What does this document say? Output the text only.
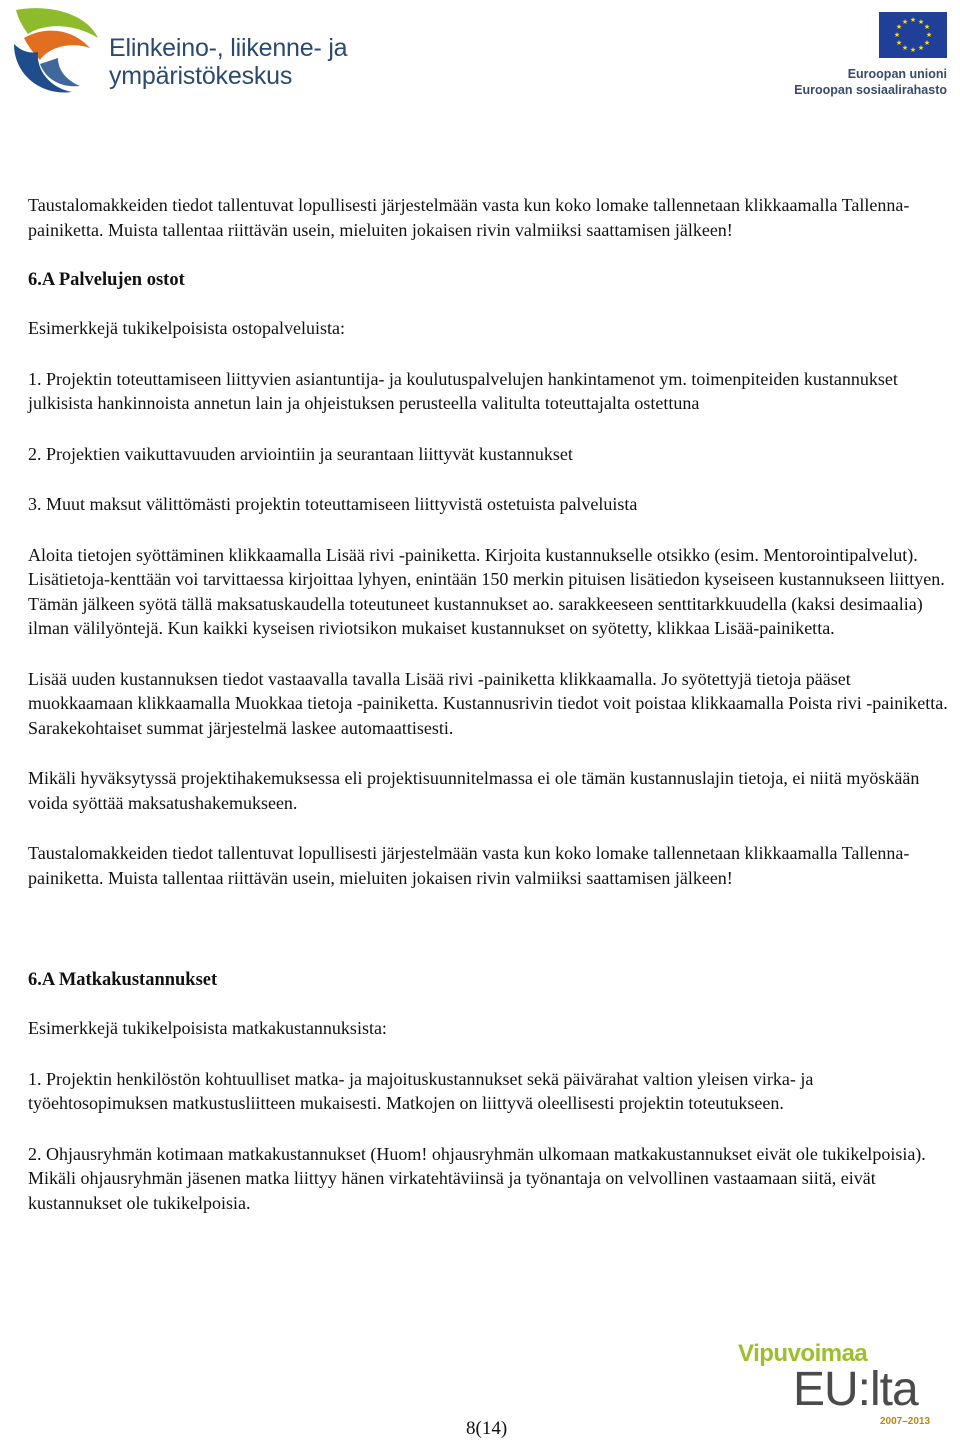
Elinkeino-, liikenne- ja
ympäristökeskus
★ ★
★
★
★
★
★
★
★
★
★
★
Euroopan unioni
Euroopan sosiaalirahasto

Taustalomakkeiden tiedot tallentuvat lopullisesti järjestelmään vasta kun koko lomake tallennetaan klikkaamalla Tallenna-painiketta. Muista tallentaa riittävän usein, mieluiten jokaisen rivin valmiiksi saattamisen jälkeen!

6.A Palvelujen ostot

Esimerkkejä tukikelpoisista ostopalveluista:

1. Projektin toteuttamiseen liittyvien asiantuntija- ja koulutuspalvelujen hankintamenot ym. toimenpiteiden kustannukset julkisista hankinnoista annetun lain ja ohjeistuksen perusteella valitulta toteuttajalta ostettuna

2. Projektien vaikuttavuuden arviointiin ja seurantaan liittyvät kustannukset

3. Muut maksut välittömästi projektin toteuttamiseen liittyvistä ostetuista palveluista

Aloita tietojen syöttäminen klikkaamalla Lisää rivi -painiketta. Kirjoita kustannukselle otsikko (esim. Mentorointipalvelut). Lisätietoja-kenttään voi tarvittaessa kirjoittaa lyhyen, enintään 150 merkin pituisen lisätiedon kyseiseen kustannukseen liittyen. Tämän jälkeen syötä tällä maksatuskaudella toteutuneet kustannukset ao. sarakkeeseen senttitarkkuudella (kaksi desimaalia) ilman välilyöntejä. Kun kaikki kyseisen riviotsikon mukaiset kustannukset on syötetty, klikkaa Lisää-painiketta.

Lisää uuden kustannuksen tiedot vastaavalla tavalla Lisää rivi -painiketta klikkaamalla. Jo syötettyjä tietoja pääset muokkaamaan klikkaamalla Muokkaa tietoja -painiketta. Kustannusrivin tiedot voit poistaa klikkaamalla Poista rivi -painiketta. Sarakekohtaiset summat järjestelmä laskee automaattisesti.

Mikäli hyväksytyssä projektihakemuksessa eli projektisuunnitelmassa ei ole tämän kustannuslajin tietoja, ei niitä myöskään voida syöttää maksatushakemukseen.

Taustalomakkeiden tiedot tallentuvat lopullisesti järjestelmään vasta kun koko lomake tallennetaan klikkaamalla Tallenna-painiketta. Muista tallentaa riittävän usein, mieluiten jokaisen rivin valmiiksi saattamisen jälkeen!

6.A Matkakustannukset

Esimerkkejä tukikelpoisista matkakustannuksista:

1. Projektin henkilöstön kohtuulliset matka- ja majoituskustannukset sekä päivärahat valtion yleisen virka- ja työehtosopimuksen matkustusliitteen mukaisesti. Matkojen on liittyvä oleellisesti projektin toteutukseen.

2. Ohjausryhmän kotimaan matkakustannukset (Huom! ohjausryhmän ulkomaan matkakustannukset eivät ole tukikelpoisia). Mikäli ohjausryhmän jäsenen matka liittyy hänen virkatehtäviinsä ja työnantaja on velvollinen vastaamaan siitä, eivät kustannukset ole tukikelpoisia.

Vipuvoimaa
EU:lta
2007–2013
8(14)
